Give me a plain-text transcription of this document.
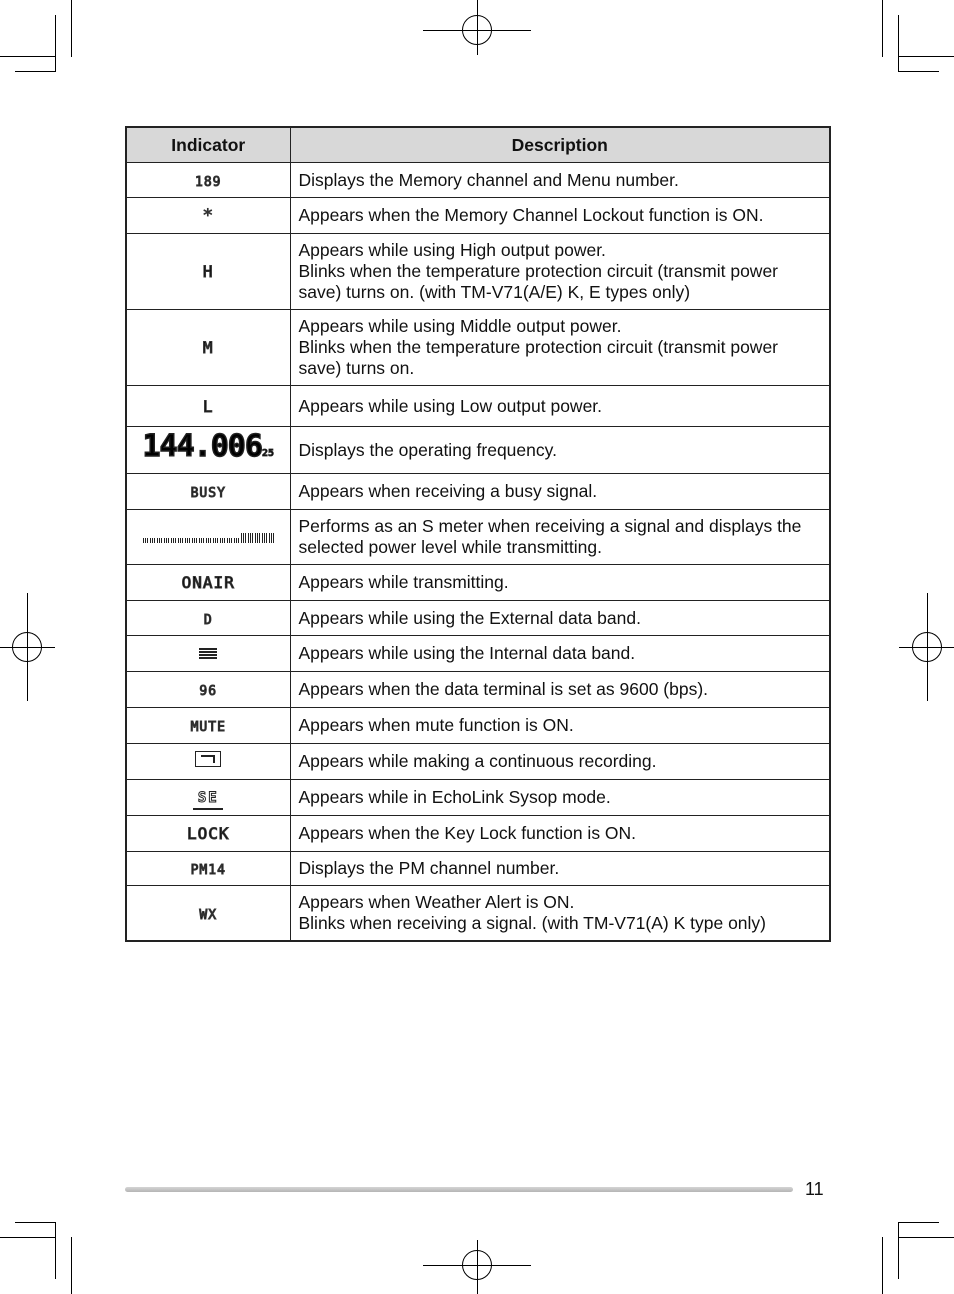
Indicator	Description
189	Displays the Memory channel and Menu number.

*	Appears when the Memory Channel Lockout function is ON.

H	Appears while using High output power.
Blinks when the temperature protection circuit (transmit power save) turns on. (with TM-V71(A/E) K, E types only)

M	Appears while using Middle output power.
Blinks when the temperature protection circuit (transmit power save) turns on.

L	Appears while using Low output power.

144.00625	Displays the operating frequency.

BUSY	Appears when receiving a busy signal.

	Performs as an S meter when receiving a signal and displays the selected power level while transmitting.

ONAIR	Appears while transmitting.

D	Appears while using the External data band.

	Appears while using the Internal data band.

96	Appears when the data terminal is set as 9600 (bps).

MUTE	Appears when mute function is ON.

	Appears while making a continuous recording.

SE	Appears while in EchoLink Sysop mode.

LOCK	Appears when the Key Lock function is ON.

PM14	Displays the PM channel number.

WX	Appears when Weather Alert is ON.
Blinks when receiving a signal. (with TM-V71(A) K type only)
11
